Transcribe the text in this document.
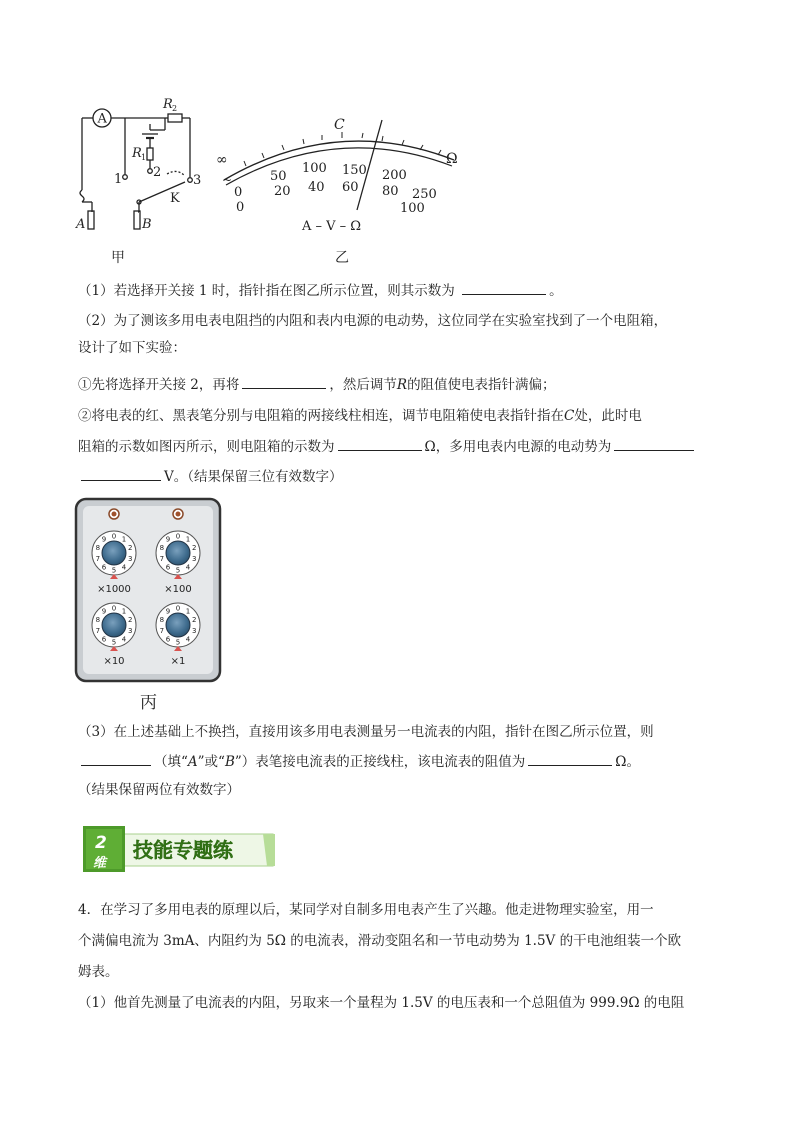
A
R 2
R 1
1 2
3
K
A	B
甲
C
∞	Ω
~	50
100 150 200
0 20 40 60 80 250
0	100
A – V – Ω
乙
（1）若选择开关接 1 时，指针指在图乙所示位置，则其示数为	。
（2）为了测该多用电表电阻挡的内阻和表内电源的电动势，这位同学在实验室找到了一个电阻箱，
设计了如下实验：
①先将选择开关接 2，再将	，然后调节R的阻值使电表指针满偏；
②将电表的红、黑表笔分别与电阻箱的两接线柱相连，调节电阻箱使电表指针指在C处，此时电
阻箱的示数如图丙所示，则电阻箱的示数为	Ω，多用电表内电源的电动势为
V。（结果保留三位有效数字）
0 1
2
3
4
5
6
7
8
9	0 1
2
3
4
5
6
7
8
9
0 1
2
3
4
5
6
7
8
9	0 1
2
3
4
5
6
7
8
9
×1000	×100
×10	×1
丙
（3）在上述基础上不换挡，直接用该多用电表测量另一电流表的内阻，指针在图乙所示位置，则
（填“A”或“B”）表笔接电流表的正接线柱，该电流表的阻值为	Ω。
（结果保留两位有效数字）
2
维
技能专题练
4．在学习了多用电表的原理以后，某同学对自制多用电表产生了兴趣。他走进物理实验室，用一
个满偏电流为 3mA、内阻约为 5Ω 的电流表，滑动变阻名和一节电动势为 1.5V 的干电池组装一个欧
姆表。
（1）他首先测量了电流表的内阻，另取来一个量程为 1.5V 的电压表和一个总阻值为 999.9Ω 的电阻
